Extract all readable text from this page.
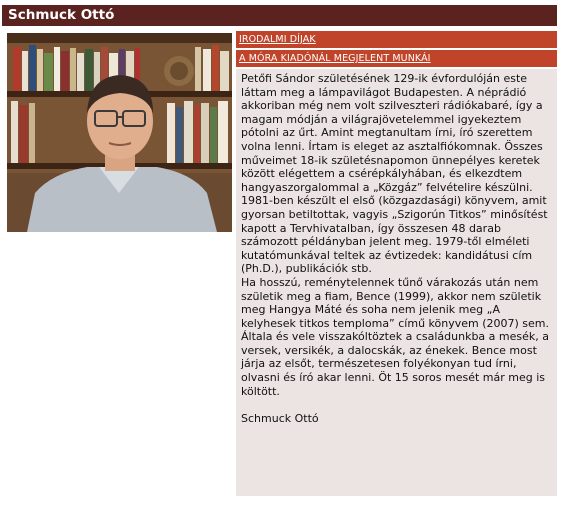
Schmuck Ottó
IRODALMI DÍJAK
A MÓRA KIADÓNÁL MEGJELENT MUNKÁI

Petőfi Sándor születésének 129-ik évfordulóján este láttam meg a lámpavilágot Budapesten. A néprádió akkoriban még nem volt szilveszteri rádiókabaré, így a magam módján a világrajövetelemmel igyekeztem pótolni az űrt. Amint megtanultam írni, író szerettem volna lenni. Írtam is eleget az asztalfiókomnak. Összes műveimet 18-ik születésnapomon ünnepélyes keretek között elégettem a csérépkályhában, és elkezdtem hangyaszorgalommal a „Közgáz” felvételire készülni.

1981-ben készült el első (közgazdasági) könyvem, amit gyorsan betiltottak, vagyis „Szigorún Titkos” minősítést kapott a Tervhivatalban, így összesen 48 darab számozott példányban jelent meg. 1979-től elméleti kutatómunkával teltek az évtizedek: kandidátusi cím (Ph.D.), publikációk stb.

Ha hosszú, reménytelennek tűnő várakozás után nem születik meg a fiam, Bence (1999), akkor nem születik meg Hangya Máté és soha nem jelenik meg „A kelyhesek titkos temploma” című könyvem (2007) sem. Általa és vele visszakóltöztek a családunkba a mesék, a versek, versikék, a dalocskák, az énekek. Bence most járja az elsőt, természetesen folyékonyan tud írni, olvasni és író akar lenni. Öt 15 soros mesét már meg is költött.

Schmuck Ottó
